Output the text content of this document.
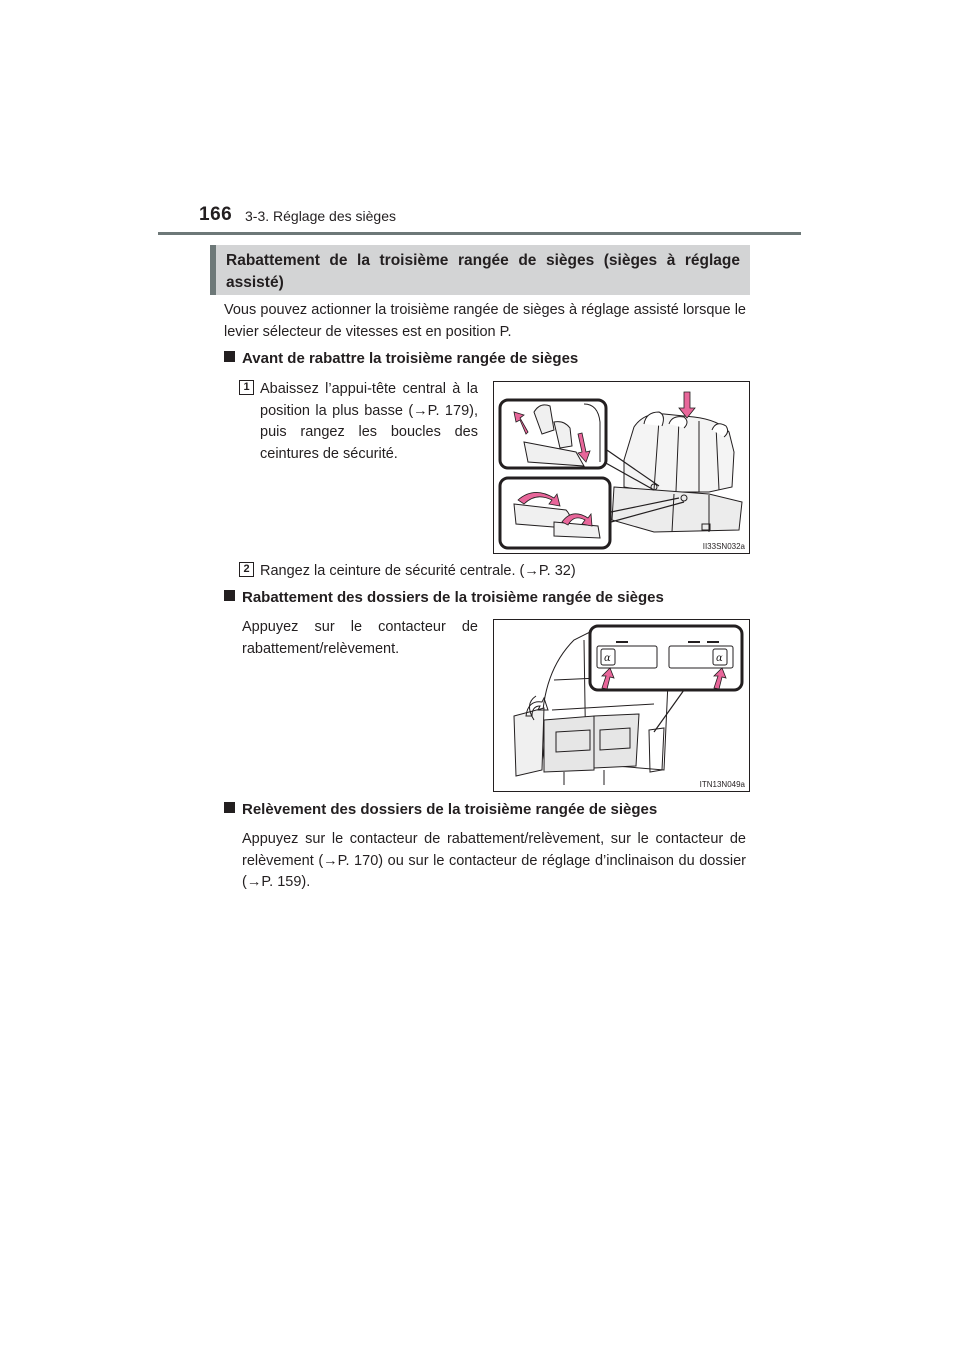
166 3-3. Réglage des sièges
Rabattement de la troisième rangée de sièges (sièges à réglage assisté)

Vous pouvez actionner la troisième rangée de sièges à réglage assisté lorsque le levier sélecteur de vitesses est en position P.

Avant de rabattre la troisième rangée de sièges
1 Abaissez l’appui-tête central à la position la plus basse (→P. 179), puis rangez les boucles des ceintures de sécurité.

II33SN032a
2 Rangez la ceinture de sécurité centrale. (→P. 32)

Rabattement des dossiers de la troisième rangée de sièges

Appuyez sur le contacteur de rabattement/relèvement.

α	α
ITN13N049a
Relèvement des dossiers de la troisième rangée de sièges

Appuyez sur le contacteur de rabattement/relèvement, sur le contacteur de relèvement (→P. 170) ou sur le contacteur de réglage d’inclinaison du dossier (→P. 159).
